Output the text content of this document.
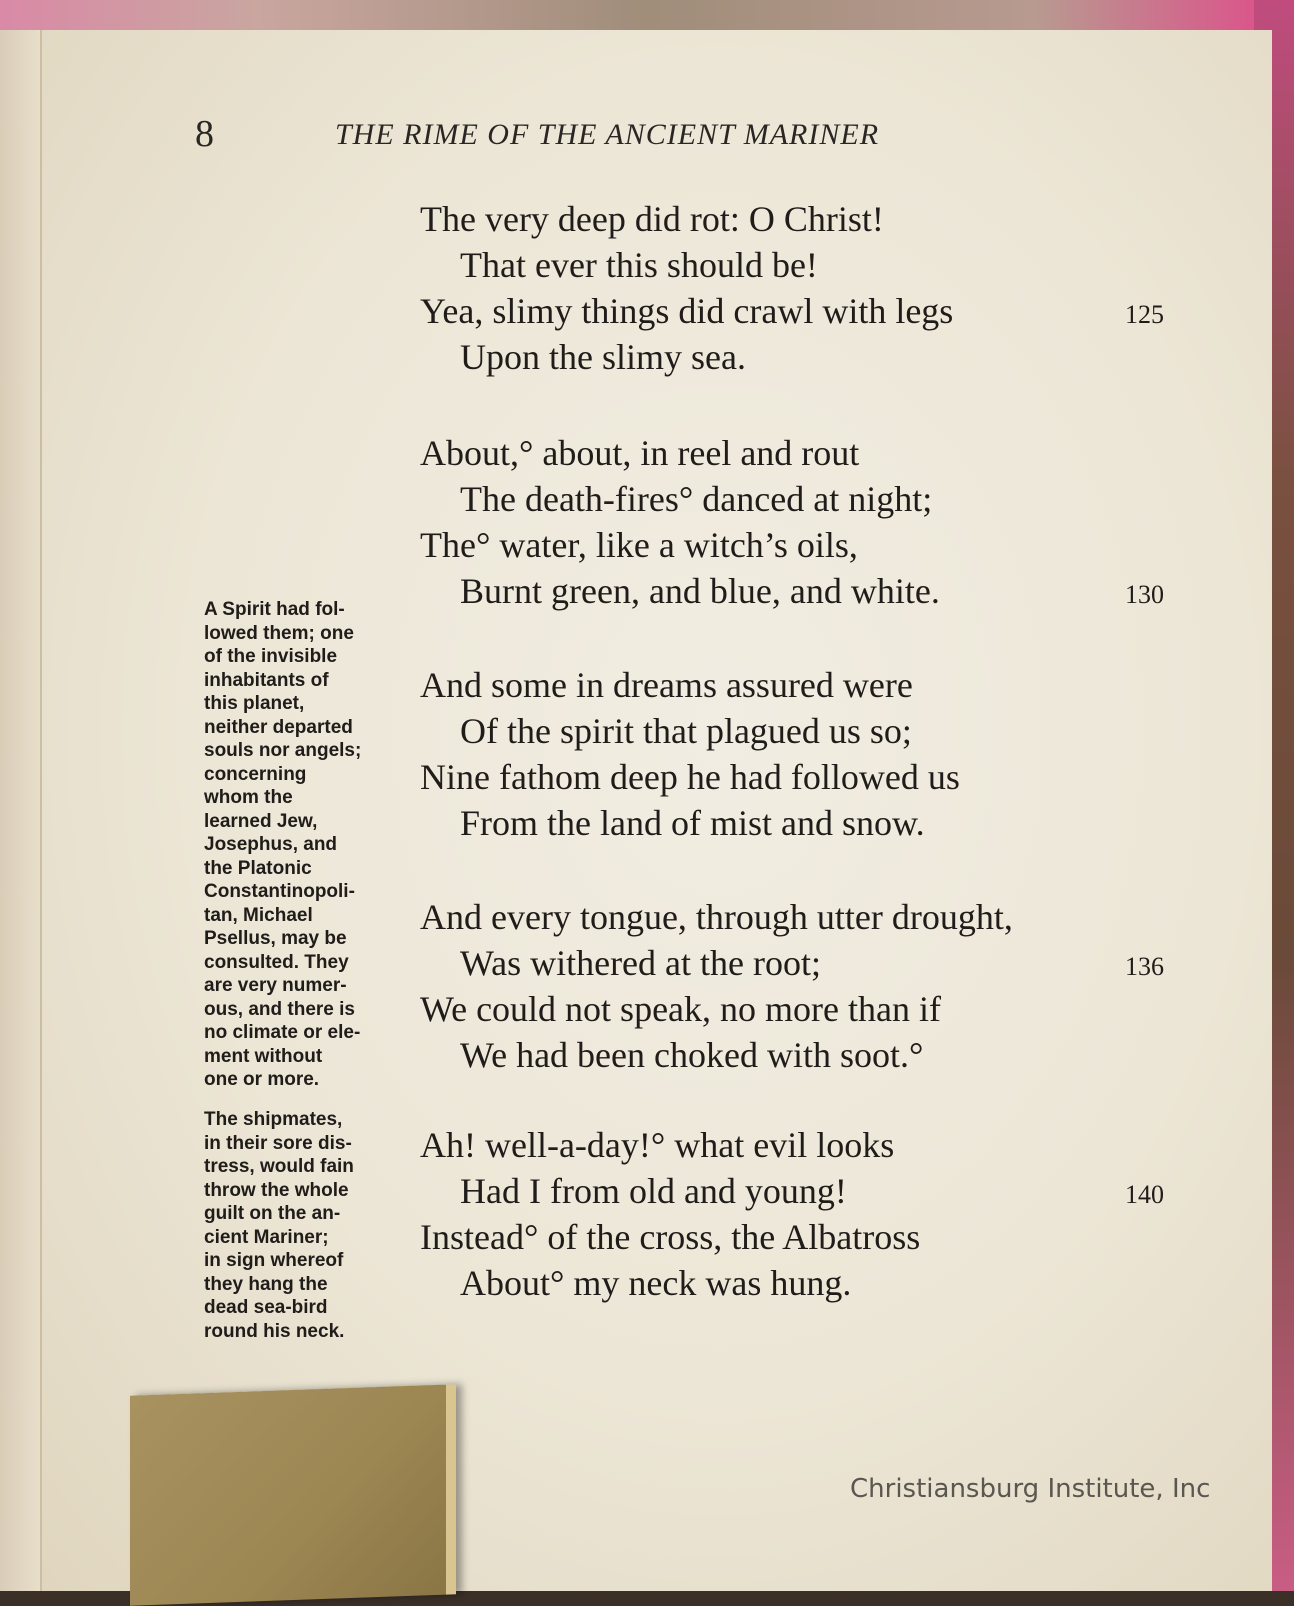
8	THE RIME OF THE ANCIENT MARINER
The very deep did rot: O Christ!
That ever this should be!
Yea, slimy things did crawl with legs	125
Upon the slimy sea.
About,° about, in reel and rout
The death-fires° danced at night;
The° water, like a witch’s oils,
Burnt green, and blue, and white.	130
And some in dreams assured were
Of the spirit that plagued us so;
Nine fathom deep he had followed us
From the land of mist and snow.
And every tongue, through utter drought,
Was withered at the root;	136
We could not speak, no more than if
We had been choked with soot.°
Ah! well-a-day!° what evil looks
Had I from old and young!	140
Instead° of the cross, the Albatross
About° my neck was hung.
A Spirit had fol-
lowed them; one
of the invisible
inhabitants of
this planet,
neither departed
souls nor angels;
concerning
whom the
learned Jew,
Josephus, and
the Platonic
Constantinopoli-
tan, Michael
Psellus, may be
consulted. They
are very numer-
ous, and there is
no climate or ele-
ment without
one or more.
The shipmates,
in their sore dis-
tress, would fain
throw the whole
guilt on the an-
cient Mariner;
in sign whereof
they hang the
dead sea-bird
round his neck.
Christiansburg Institute, Inc
